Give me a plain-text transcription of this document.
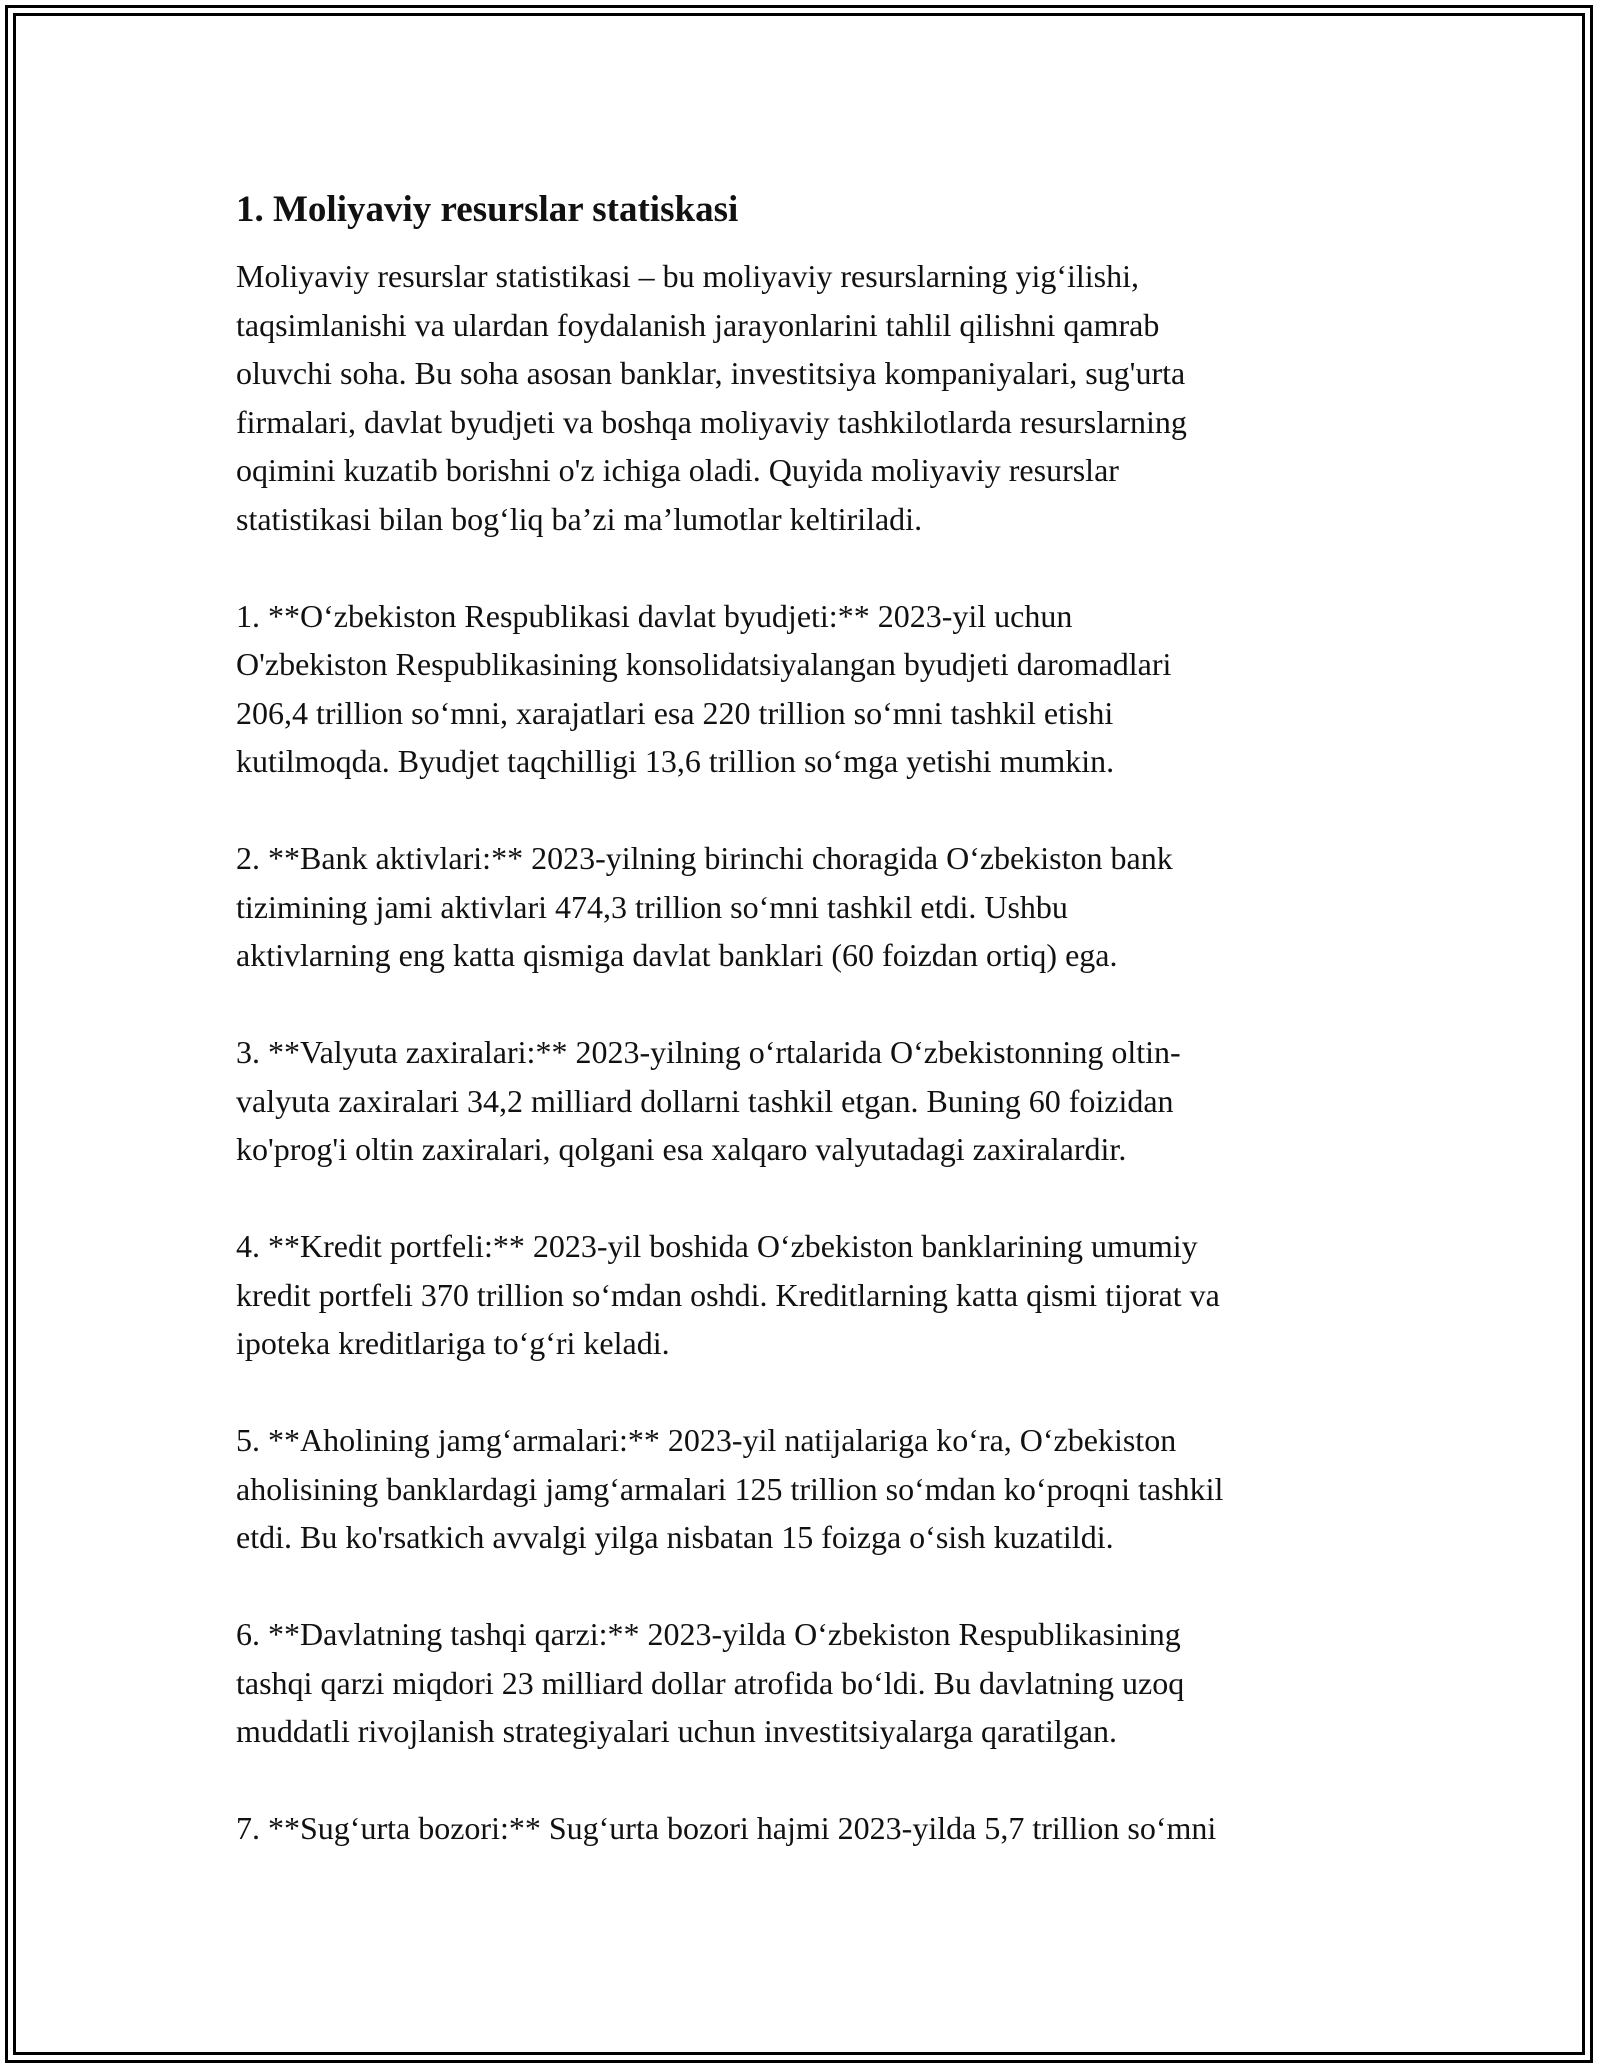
1. Moliyaviy resurslar statiskasi

Moliyaviy resurslar statistikasi – bu moliyaviy resurslarning yig‘ilishi,
taqsimlanishi va ulardan foydalanish jarayonlarini tahlil qilishni qamrab
oluvchi soha. Bu soha asosan banklar, investitsiya kompaniyalari, sug'urta
firmalari, davlat byudjeti va boshqa moliyaviy tashkilotlarda resurslarning
oqimini kuzatib borishni o'z ichiga oladi. Quyida moliyaviy resurslar
statistikasi bilan bog‘liq ba’zi ma’lumotlar keltiriladi.

1. **O‘zbekiston Respublikasi davlat byudjeti:** 2023-yil uchun
O'zbekiston Respublikasining konsolidatsiyalangan byudjeti daromadlari
206,4 trillion so‘mni, xarajatlari esa 220 trillion so‘mni tashkil etishi
kutilmoqda. Byudjet taqchilligi 13,6 trillion so‘mga yetishi mumkin.

2. **Bank aktivlari:** 2023-yilning birinchi choragida O‘zbekiston bank
tizimining jami aktivlari 474,3 trillion so‘mni tashkil etdi. Ushbu
aktivlarning eng katta qismiga davlat banklari (60 foizdan ortiq) ega.

3. **Valyuta zaxiralari:** 2023-yilning o‘rtalarida O‘zbekistonning oltin-
valyuta zaxiralari 34,2 milliard dollarni tashkil etgan. Buning 60 foizidan
ko'prog'i oltin zaxiralari, qolgani esa xalqaro valyutadagi zaxiralardir.

4. **Kredit portfeli:** 2023-yil boshida O‘zbekiston banklarining umumiy
kredit portfeli 370 trillion so‘mdan oshdi. Kreditlarning katta qismi tijorat va
ipoteka kreditlariga to‘g‘ri keladi.

5. **Aholining jamg‘armalari:** 2023-yil natijalariga ko‘ra, O‘zbekiston
aholisining banklardagi jamg‘armalari 125 trillion so‘mdan ko‘proqni tashkil
etdi. Bu ko'rsatkich avvalgi yilga nisbatan 15 foizga o‘sish kuzatildi.

6. **Davlatning tashqi qarzi:** 2023-yilda O‘zbekiston Respublikasining
tashqi qarzi miqdori 23 milliard dollar atrofida bo‘ldi. Bu davlatning uzoq
muddatli rivojlanish strategiyalari uchun investitsiyalarga qaratilgan.

7. **Sug‘urta bozori:** Sug‘urta bozori hajmi 2023-yilda 5,7 trillion so‘mni
